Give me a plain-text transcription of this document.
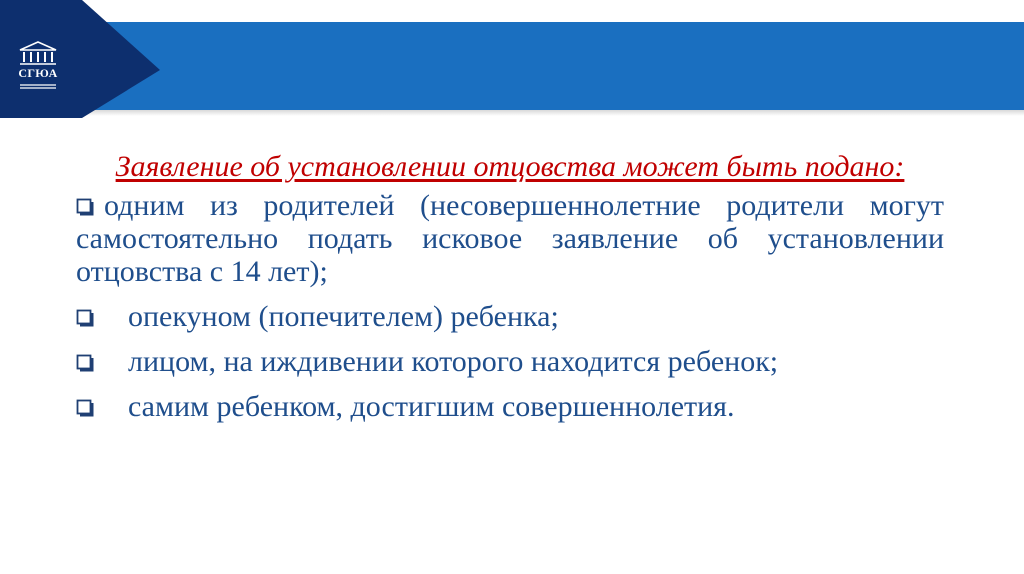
СГЮА
Заявление об установлении отцовства может быть подано:
одним из родителей (несовершеннолетние родители могут самостоятельно подать исковое заявление об установлении отцовства с 14 лет);
опекуном (попечителем) ребенка;
лицом, на иждивении которого находится ребенок;
самим ребенком, достигшим совершеннолетия.
